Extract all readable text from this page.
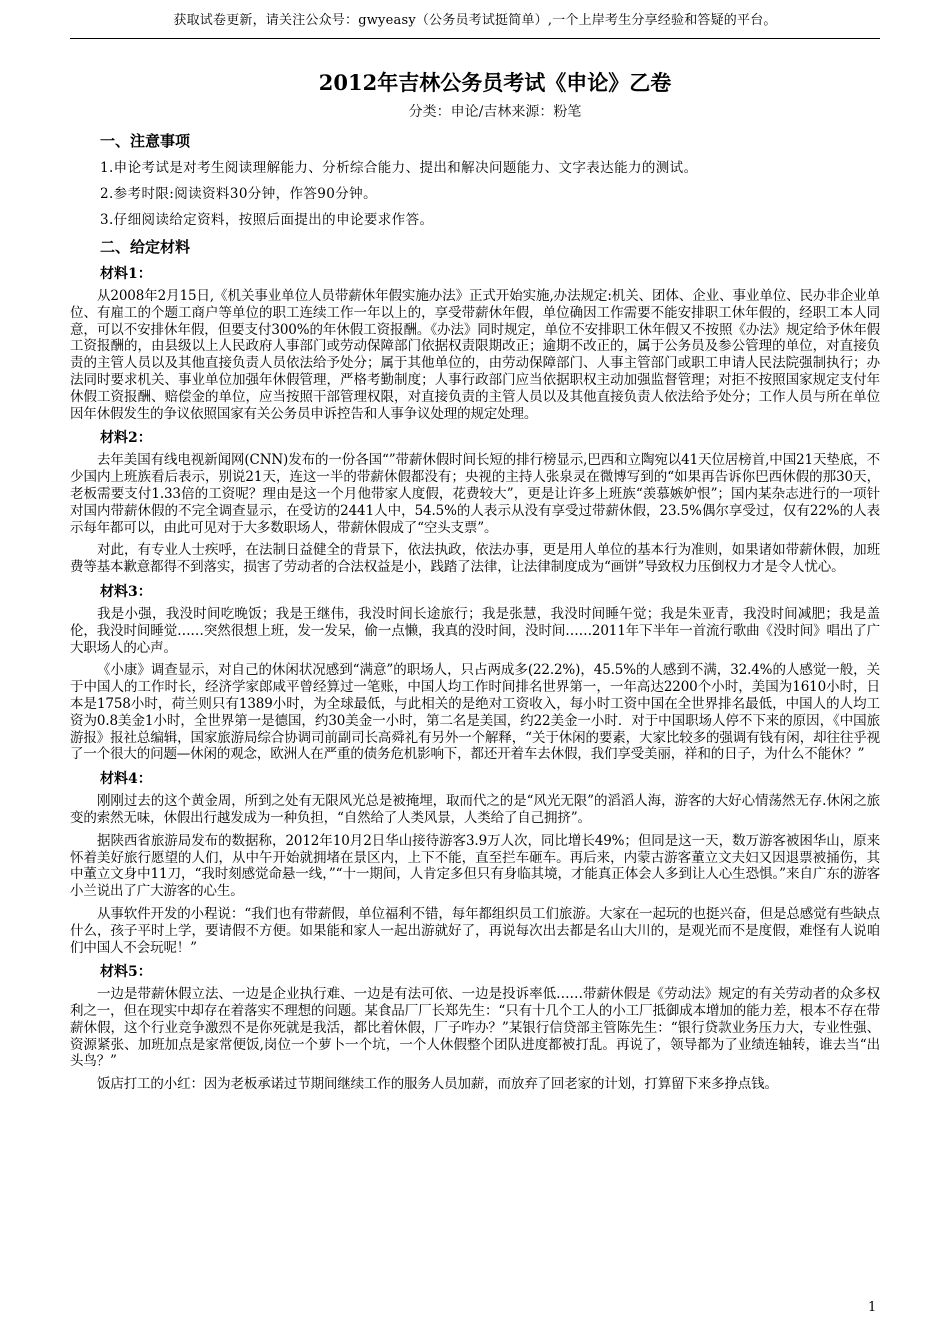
获取试卷更新，请关注公众号：gwyeasy（公务员考试挺简单）,一个上岸考生分享经验和答疑的平台。
2012年吉林公务员考试《申论》乙卷
分类：申论/吉林来源：粉笔
一、注意事项
1.申论考试是对考生阅读理解能力、分析综合能力、提出和解决问题能力、文字表达能力的测试。
2.参考时限:阅读资料30分钟，作答90分钟。
3.仔细阅读给定资料，按照后面提出的申论要求作答。
二、给定材料
材料1：

从2008年2月15日,《机关事业单位人员带薪休年假实施办法》正式开始实施,办法规定:机关、团体、企业、事业单位、民办非企业单位、有雇工的个题工商户等单位的职工连续工作一年以上的，享受带薪休年假，单位确因工作需要不能安排职工休年假的，经职工本人同意，可以不安排休年假，但要支付300%的年休假工资报酬。《办法》同时规定，单位不安排职工休年假又不按照《办法》规定给予休年假工资报酬的，由县级以上人民政府人事部门或劳动保障部门依据权责限期改正；逾期不改正的，属于公务员及参公管理的单位，对直接负责的主管人员以及其他直接负责人员依法给予处分；属于其他单位的，由劳动保障部门、人事主管部门或职工申请人民法院强制执行；办法同时要求机关、事业单位加强年休假管理，严格考勤制度；人事行政部门应当依据职权主动加强监督管理；对拒不按照国家规定支付年休假工资报酬、赔偿金的单位，应当按照干部管理权限，对直接负责的主管人员以及其他直接负责人依法给予处分；工作人员与所在单位因年休假发生的争议依照国家有关公务员申诉控告和人事争议处理的规定处理。

材料2：

去年美国有线电视新闻网(CNN)发布的一份各国“”带薪休假时间长短的排行榜显示,巴西和立陶宛以41天位居榜首,中国21天垫底，不少国内上班族看后表示，别说21天，连这一半的带薪休假都没有；央视的主持人张泉灵在微博写到的“如果再告诉你巴西休假的那30天，老板需要支付1.33倍的工资呢？理由是这一个月他带家人度假，花费较大”，更是让许多上班族“羡慕嫉妒恨”；国内某杂志进行的一项针对国内带薪休假的不完全调查显示，在受访的2441人中，54.5%的人表示从没有享受过带薪休假，23.5%偶尔享受过，仅有22%的人表示每年都可以，由此可见对于大多数职场人，带薪休假成了“空头支票”。

对此，有专业人士疾呼，在法制日益健全的背景下，依法执政，依法办事，更是用人单位的基本行为准则，如果诸如带薪休假，加班费等基本歉意都得不到落实，损害了劳动者的合法权益是小，践踏了法律，让法律制度成为“画饼”导致权力压倒权力才是令人忧心。

材料3：

我是小强，我没时间吃晚饭；我是王继伟，我没时间长途旅行；我是张慧，我没时间睡午觉；我是朱亚青，我没时间减肥；我是盖伦，我没时间睡觉……突然很想上班，发一发呆，偷一点懒，我真的没时间，没时间……2011年下半年一首流行歌曲《没时间》唱出了广大职场人的心声。

《小康》调查显示，对自己的休闲状况感到“满意”的职场人，只占两成多(22.2%)，45.5%的人感到不满，32.4%的人感觉一般，关于中国人的工作时长，经济学家郎咸平曾经算过一笔账，中国人均工作时间排名世界第一，一年高达2200个小时，美国为1610小时，日本是1758小时，荷兰则只有1389小时，为全球最低，与此相关的是绝对工资收入，每小时工资中国在全世界排名最低，中国人的人均工资为0.8美金1小时，全世界第一是德国，约30美金一小时，第二名是美国，约22美金一小时．对于中国职场人停不下来的原因，《中国旅游报》报社总编辑，国家旅游局综合协调司前副司长高舜礼有另外一个解释，“关于休闲的要素，大家比较多的强调有钱有闲，却往往乎视了一个很大的问题—休闲的观念，欧洲人在严重的债务危机影响下，都还开着车去休假，我们享受美丽，祥和的日子，为什么不能休？”

材料4：

刚刚过去的这个黄金周，所到之处有无限风光总是被掩埋，取而代之的是“风光无限”的滔滔人海，游客的大好心情荡然无存.休闲之旅变的索然无味，休假出行越发成为一种负担，“自然给了人类风景，人类给了自己拥挤”。

据陕西省旅游局发布的数据称，2012年10月2日华山接待游客3.9万人次，同比增长49%；但同是这一天，数万游客被困华山，原来怀着美好旅行愿望的人们，从中午开始就拥堵在景区内，上下不能，直至拦车砸车。再后来，内蒙古游客董立文夫妇又因退票被捅伤，其中董立文身中11刀，“我时刻感觉命悬一线，”“十一期间，人肯定多但只有身临其境，才能真正体会人多到让人心生恐惧。”来自广东的游客小兰说出了广大游客的心生。

从事软件开发的小程说：“我们也有带薪假，单位福利不错，每年都组织员工们旅游。大家在一起玩的也挺兴奋，但是总感觉有些缺点什么，孩子平时上学，要请假不方便。如果能和家人一起出游就好了，再说每次出去都是名山大川的，是观光而不是度假，难怪有人说咱们中国人不会玩呢！”

材料5：

一边是带薪休假立法、一边是企业执行难、一边是有法可依、一边是投诉率低……带薪休假是《劳动法》规定的有关劳动者的众多权利之一，但在现实中却存在着落实不理想的问题。某食品厂厂长郑先生：“只有十几个工人的小工厂抵御成本增加的能力差，根本不存在带薪休假，这个行业竞争激烈不是你死就是我活，都比着休假，厂子咋办？”某银行信贷部主管陈先生：“银行贷款业务压力大，专业性强、资源紧张、加班加点是家常便饭,岗位一个萝卜一个坑，一个人休假整个团队进度都被打乱。再说了，领导都为了业绩连轴转，谁去当“出头鸟？”

饭店打工的小红：因为老板承诺过节期间继续工作的服务人员加薪，而放弃了回老家的计划，打算留下来多挣点钱。

1
